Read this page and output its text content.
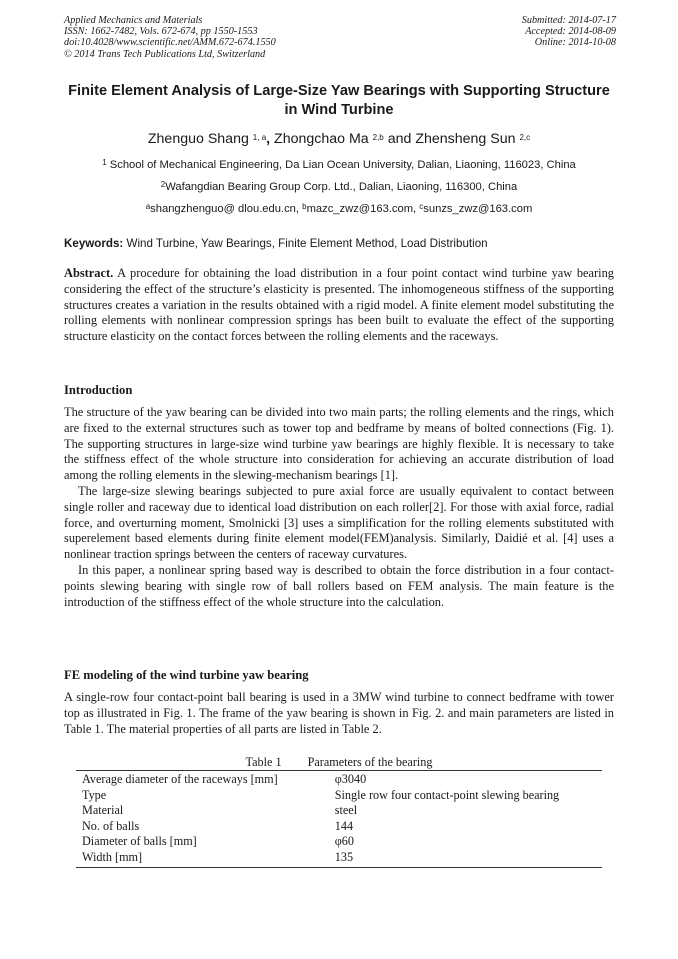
Applied Mechanics and Materials
ISSN: 1662-7482, Vols. 672-674, pp 1550-1553
doi:10.4028/www.scientific.net/AMM.672-674.1550
© 2014 Trans Tech Publications Ltd, Switzerland
Submitted: 2014-07-17
Accepted: 2014-08-09
Online: 2014-10-08
Finite Element Analysis of Large-Size Yaw Bearings with Supporting Structure in Wind Turbine
Zhenguo Shang $^{1, a}$, Zhongchao Ma $^{2,b}$ and Zhensheng Sun $^{2,c}$
$^1$ School of Mechanical Engineering, Da Lian Ocean University, Dalian, Liaoning, 116023, China
$^2$Wafangdian Bearing Group Corp. Ltd., Dalian, Liaoning, 116300, China
$^a$shangzhenguo@ dlou.edu.cn, $^b$mazc_zwz@163.com, $^c$sunzs_zwz@163.com
Keywords: Wind Turbine, Yaw Bearings, Finite Element Method, Load Distribution

Abstract. A procedure for obtaining the load distribution in a four point contact wind turbine yaw bearing considering the effect of the structure’s elasticity is presented. The inhomogeneous stiffness of the supporting structures creates a variation in the results obtained with a rigid model. A finite element model substituting the rolling elements with nonlinear compression springs has been built to evaluate the effect of the supporting structure elasticity on the contact forces between the rolling elements and the raceways.

Introduction

The structure of the yaw bearing can be divided into two main parts; the rolling elements and the rings, which are fixed to the external structures such as tower top and bedframe by means of bolted connections (Fig. 1). The supporting structures in large-size wind turbine yaw bearings are highly flexible. It is necessary to take the stiffness effect of the whole structure into consideration for achieving an accurate distribution of load among the rolling elements in the slewing-mechanism bearings [1].

The large-size slewing bearings subjected to pure axial force are usually equivalent to contact between single roller and raceway due to identical load distribution on each roller[2]. For those with axial force, radial force, and overturning moment, Smolnicki [3] uses a simplification for the rolling elements substituted with superelement based elements during finite element model(FEM)analysis. Similarly, Daidié et al. [4] uses a nonlinear traction springs between the centers of raceway curvatures.

In this paper, a nonlinear spring based way is described to obtain the force distribution in a four contact-points slewing bearing with single row of ball rollers based on FEM analysis. The main feature is the introduction of the stiffness effect of the whole structure into the calculation.

FE modeling of the wind turbine yaw bearing

A single-row four contact-point ball bearing is used in a 3MW wind turbine to connect bedframe with tower top as illustrated in Fig. 1. The frame of the yaw bearing is shown in Fig. 2. and main parameters are listed in Table 1. The material properties of all parts are listed in Table 2.

Table 1 Parameters of the bearing
Average diameter of the raceways [mm]	φ3040
Type	Single row four contact-point slewing bearing
Material	steel
No. of balls	144
Diameter of balls [mm]	φ60
Width [mm]	135
